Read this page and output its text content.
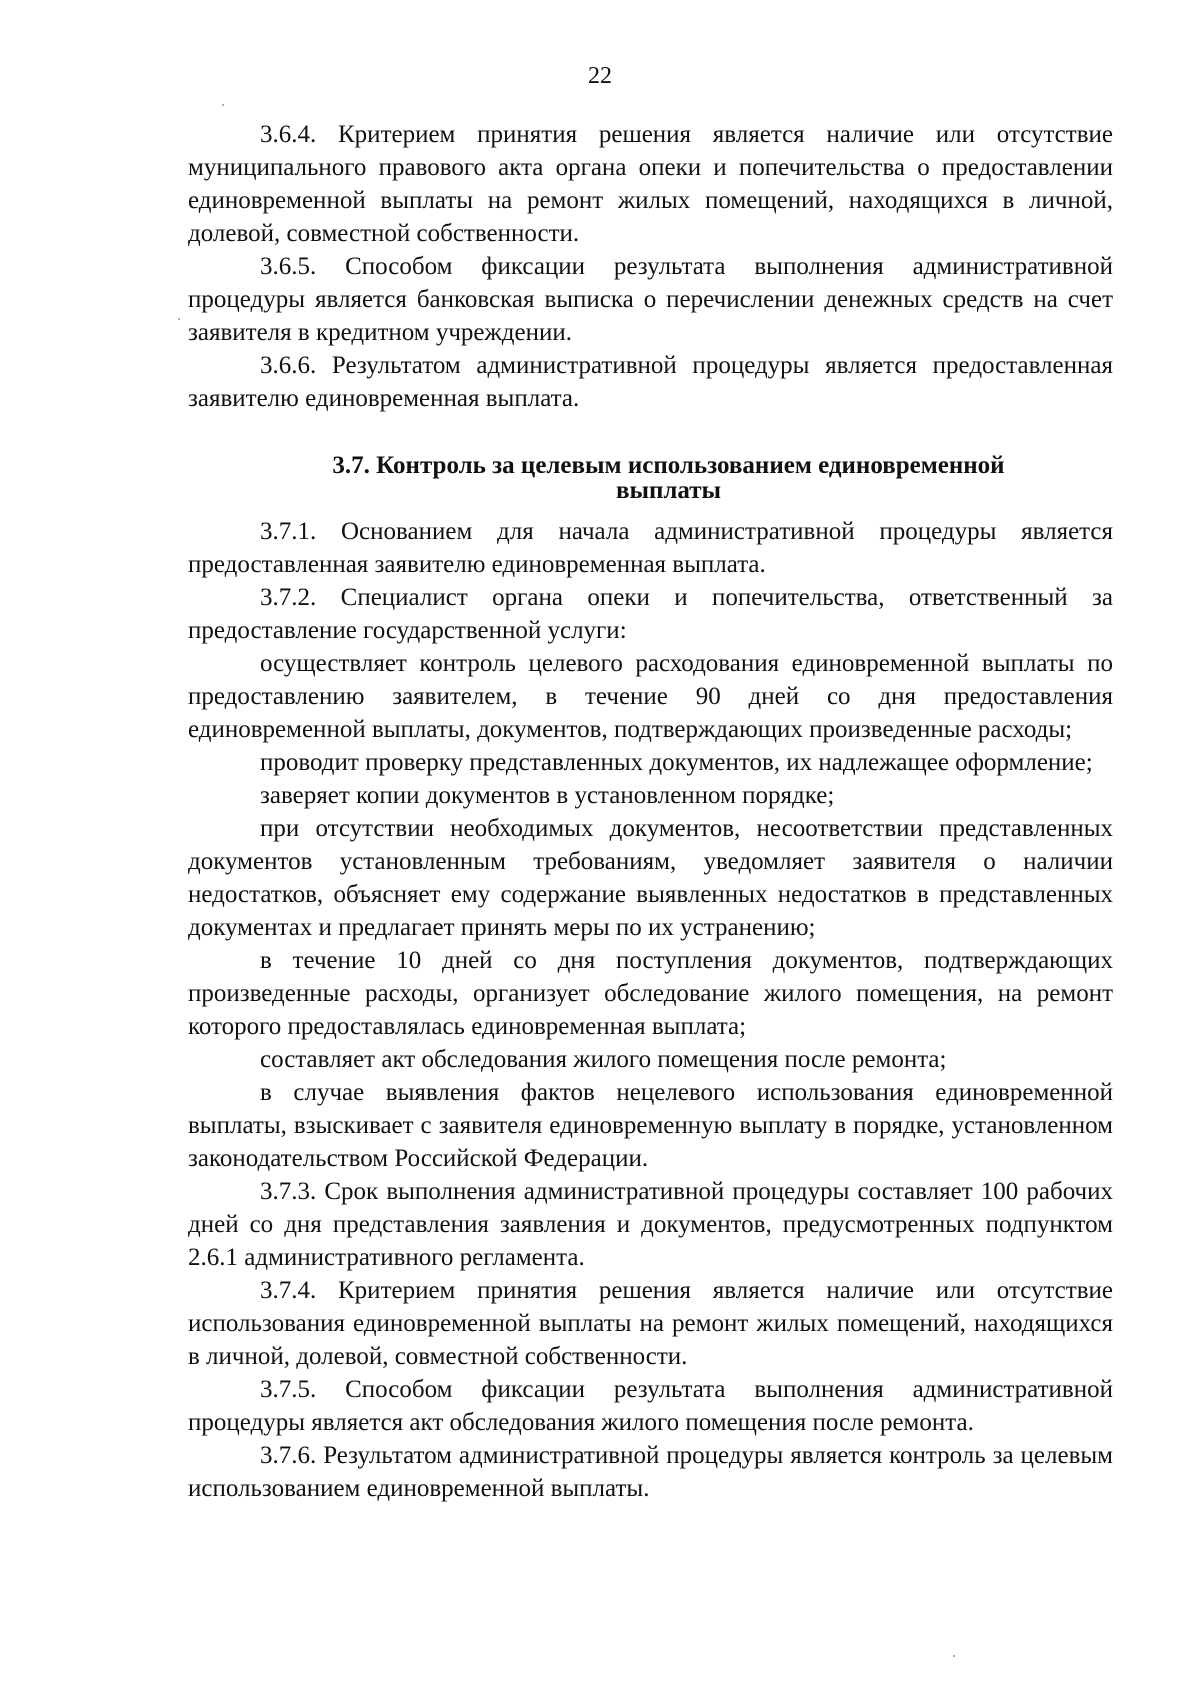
22

3.6.4. Критерием принятия решения является наличие или отсутствие муниципального правового акта органа опеки и попечительства о предоставлении единовременной выплаты на ремонт жилых помещений, находящихся в личной, долевой, совместной собственности.

3.6.5. Способом фиксации результата выполнения административной процедуры является банковская выписка о перечислении денежных средств на счет заявителя в кредитном учреждении.

3.6.6. Результатом административной процедуры является предоставленная заявителю единовременная выплата.

3.7. Контроль за целевым использованием единовременной
выплаты

3.7.1. Основанием для начала административной процедуры является предоставленная заявителю единовременная выплата.

3.7.2. Специалист органа опеки и попечительства, ответственный за предоставление государственной услуги:

осуществляет контроль целевого расходования единовременной выплаты по предоставлению заявителем, в течение 90 дней со дня предоставления единовременной выплаты, документов, подтверждающих произведенные расходы;

проводит проверку представленных документов, их надлежащее оформление;

заверяет копии документов в установленном порядке;

при отсутствии необходимых документов, несоответствии представленных документов установленным требованиям, уведомляет заявителя о наличии недостатков, объясняет ему содержание выявленных недостатков в представленных документах и предлагает принять меры по их устранению;

в течение 10 дней со дня поступления документов, подтверждающих произведенные расходы, организует обследование жилого помещения, на ремонт которого предоставлялась единовременная выплата;

составляет акт обследования жилого помещения после ремонта;

в случае выявления фактов нецелевого использования единовременной выплаты, взыскивает с заявителя единовременную выплату в порядке, установленном законодательством Российской Федерации.

3.7.3. Срок выполнения административной процедуры составляет 100 рабочих дней со дня представления заявления и документов, предусмотренных подпунктом 2.6.1 административного регламента.

3.7.4. Критерием принятия решения является наличие или отсутствие использования единовременной выплаты на ремонт жилых помещений, находящихся в личной, долевой, совместной собственности.

3.7.5. Способом фиксации результата выполнения административной процедуры является акт обследования жилого помещения после ремонта.

3.7.6. Результатом административной процедуры является контроль за целевым использованием единовременной выплаты.
